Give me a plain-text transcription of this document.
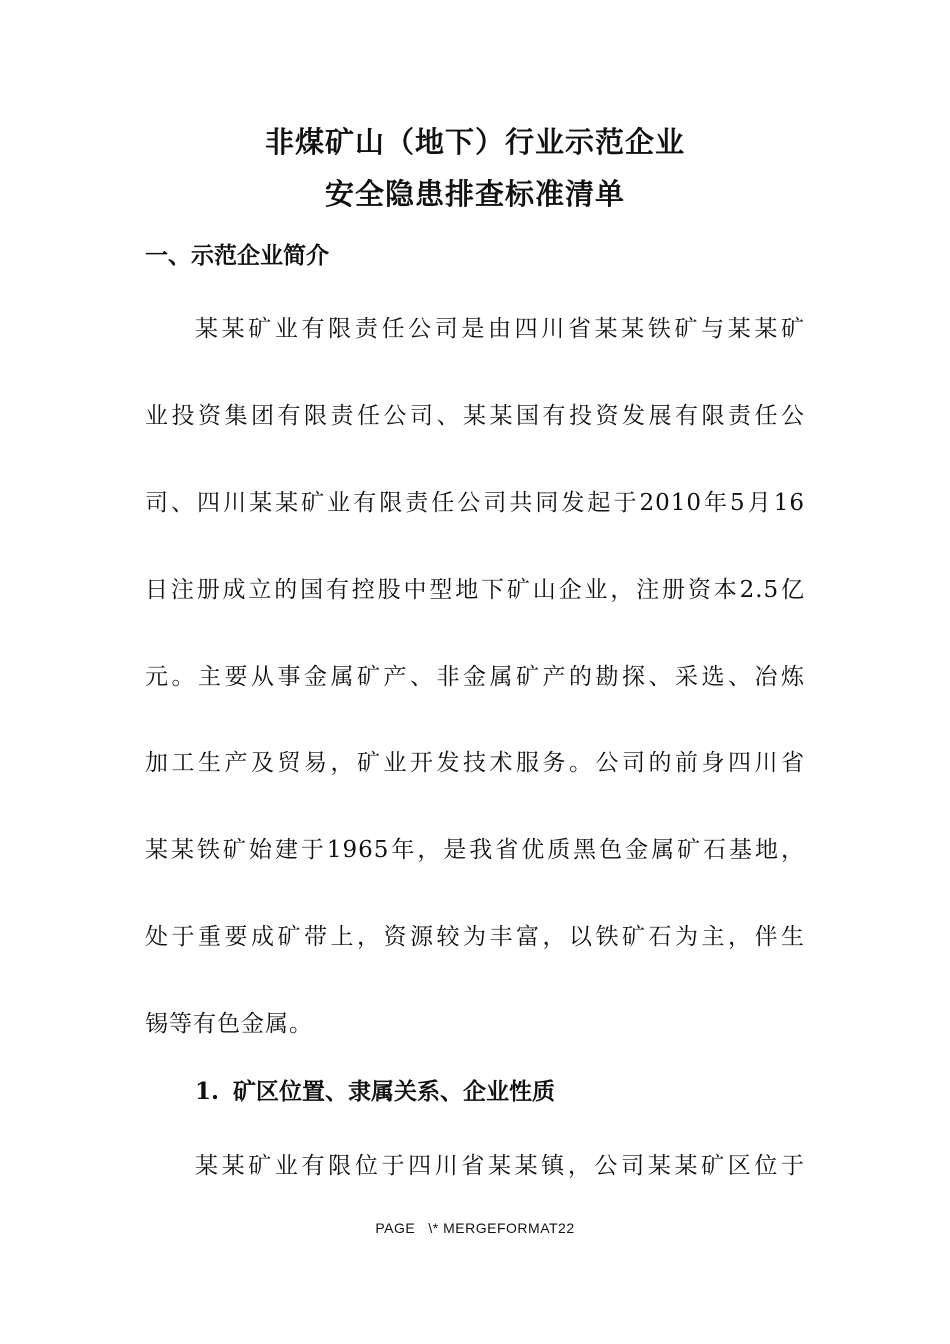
非煤矿山（地下）行业示范企业
安全隐患排查标准清单
一、示范企业简介
某某矿业有限责任公司是由四川省某某铁矿与某某矿
业投资集团有限责任公司、某某国有投资发展有限责任公
司、四川某某矿业有限责任公司共同发起于2010年5月16
日注册成立的国有控股中型地下矿山企业，注册资本2.5亿
元。主要从事金属矿产、非金属矿产的勘探、采选、冶炼
加工生产及贸易，矿业开发技术服务。公司的前身四川省
某某铁矿始建于1965年，是我省优质黑色金属矿石基地，
处于重要成矿带上，资源较为丰富，以铁矿石为主，伴生
锡等有色金属。
1. 矿区位置、隶属关系、企业性质
某某矿业有限位于四川省某某镇，公司某某矿区位于
PAGE   \* MERGEFORMAT22
